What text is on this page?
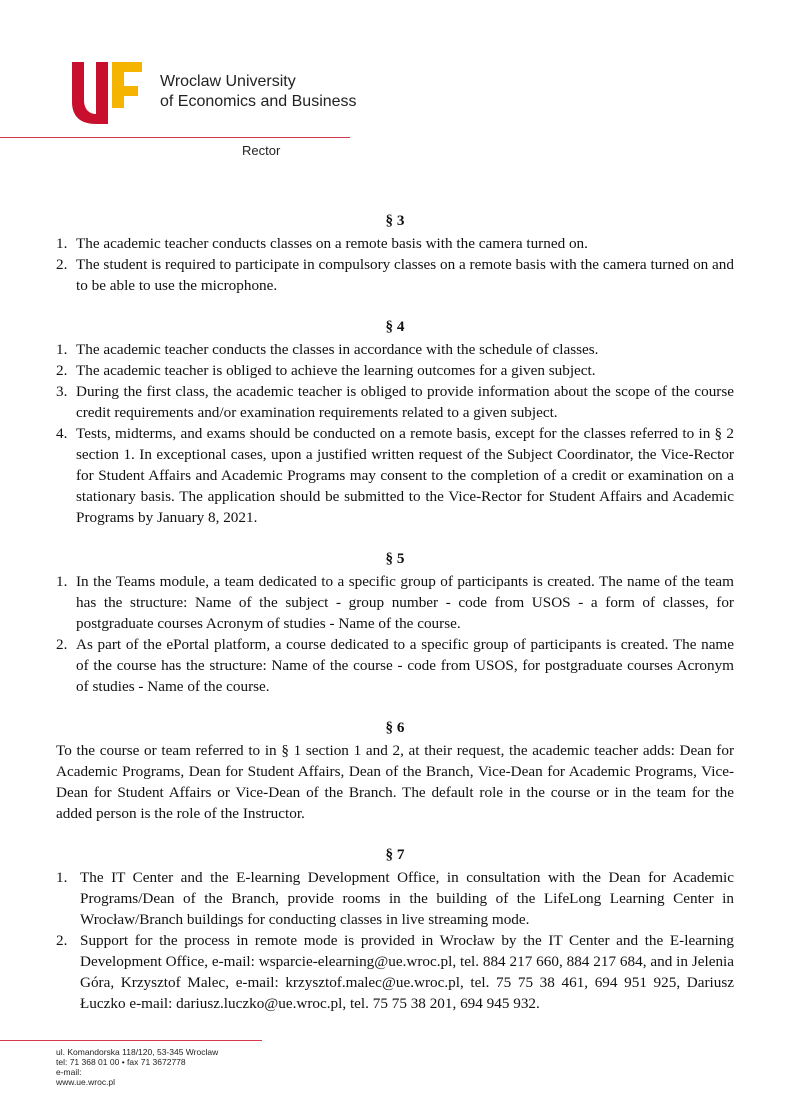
Wroclaw University
of Economics and Business
Rector
§ 3
1. The academic teacher conducts classes on a remote basis with the camera turned on.
2. The student is required to participate in compulsory classes on a remote basis with the camera turned on and to be able to use the microphone.
§ 4
1. The academic teacher conducts the classes in accordance with the schedule of classes.
2. The academic teacher is obliged to achieve the learning outcomes for a given subject.
3. During the first class, the academic teacher is obliged to provide information about the scope of the course credit requirements and/or examination requirements related to a given subject.
4. Tests, midterms, and exams should be conducted on a remote basis, except for the classes referred to in § 2 section 1. In exceptional cases, upon a justified written request of the Subject Coordinator, the Vice-Rector for Student Affairs and Academic Programs may consent to the completion of a credit or examination on a stationary basis. The application should be submitted to the Vice-Rector for Student Affairs and Academic Programs by January 8, 2021.
§ 5
1. In the Teams module, a team dedicated to a specific group of participants is created. The name of the team has the structure: Name of the subject - group number - code from USOS - a form of classes, for postgraduate courses Acronym of studies - Name of the course.
2. As part of the ePortal platform, a course dedicated to a specific group of participants is created. The name of the course has the structure: Name of the course - code from USOS, for postgraduate courses Acronym of studies - Name of the course.
§ 6

To the course or team referred to in § 1 section 1 and 2, at their request, the academic teacher adds: Dean for Academic Programs, Dean for Student Affairs, Dean of the Branch, Vice-Dean for Academic Programs, Vice-Dean for Student Affairs or Vice-Dean of the Branch. The default role in the course or in the team for the added person is the role of the Instructor.

§ 7
1. The IT Center and the E-learning Development Office, in consultation with the Dean for Academic Programs/Dean of the Branch, provide rooms in the building of the LifeLong Learning Center in Wrocław/Branch buildings for conducting classes in live streaming mode.
2. Support for the process in remote mode is provided in Wrocław by the IT Center and the E-learning Development Office, e-mail: wsparcie-elearning@ue.wroc.pl, tel. 884 217 660, 884 217 684, and in Jelenia Góra, Krzysztof Malec, e-mail: krzysztof.malec@ue.wroc.pl, tel. 75 75 38 461, 694 951 925, Dariusz Łuczko e-mail: dariusz.luczko@ue.wroc.pl, tel. 75 75 38 201, 694 945 932.
ul. Komandorska 118/120, 53-345 Wroclaw
tel: 71 368 01 00 • fax 71 3672778
e-mail:
www.ue.wroc.pl
